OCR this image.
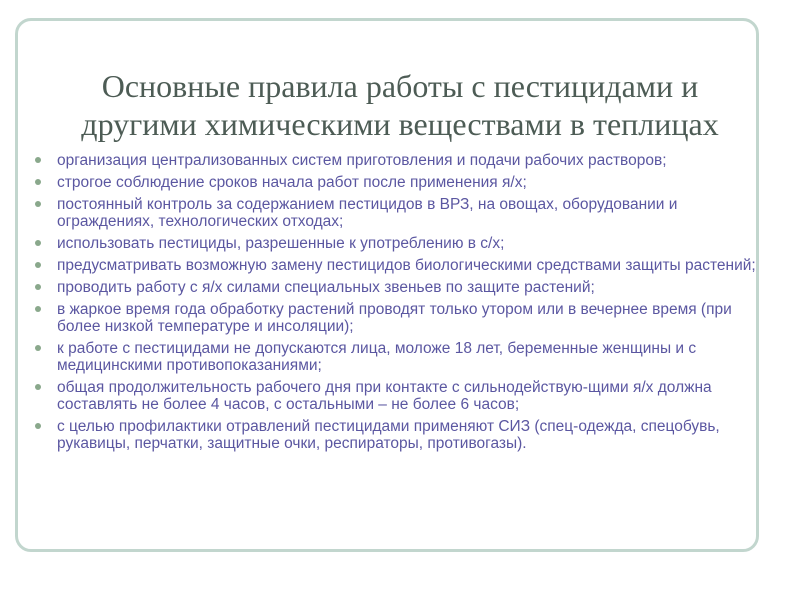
Основные правила работы с пестицидами и
другими химическими веществами в теплицах
организация централизованных систем приготовления и подачи рабочих растворов;
строгое соблюдение сроков начала работ после применения я/х;
постоянный контроль за содержанием пестицидов в ВРЗ, на овощах, оборудовании и ограждениях, технологических отходах;
использовать пестициды, разрешенные к употреблению в с/х;
предусматривать возможную замену пестицидов биологическими средствами защиты растений;
проводить работу с я/х силами специальных звеньев по защите растений;
в жаркое время года обработку растений проводят только утором или в вечернее время (при более низкой температуре и инсоляции);
к работе с пестицидами не допускаются лица, моложе 18 лет, беременные женщины и с медицинскими противопоказаниями;
общая продолжительность рабочего дня при контакте с сильнодействую-щими я/х должна составлять не более 4 часов, с остальными – не более 6 часов;
с целью профилактики отравлений пестицидами применяют СИЗ (спец-одежда, спецобувь, рукавицы, перчатки, защитные очки, респираторы, противогазы).
